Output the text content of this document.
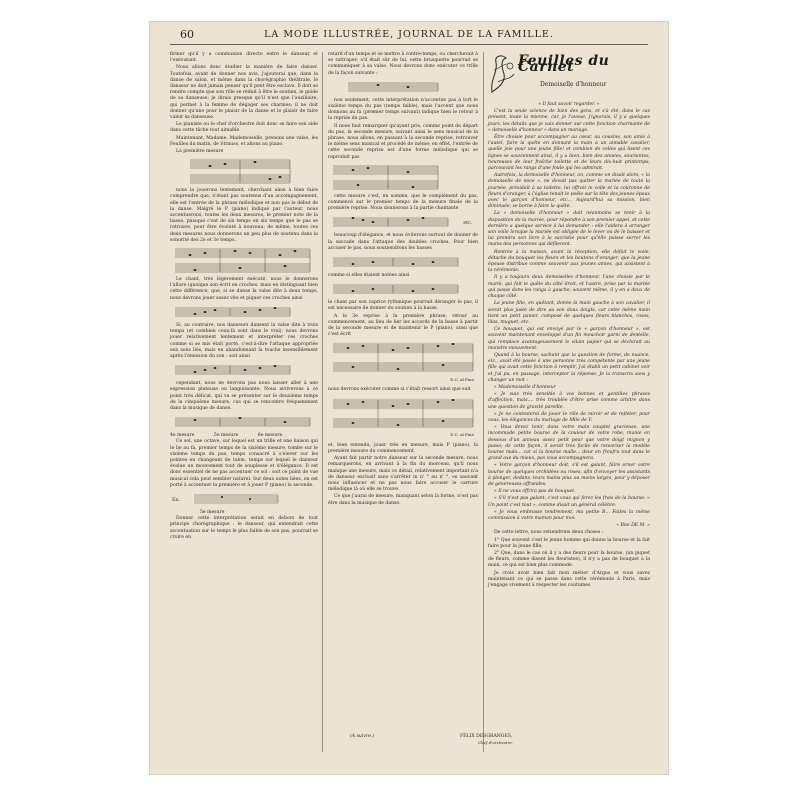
60	LA MODE ILLUSTRÉE, JOURNAL DE LA FAMILLE.

firmer qu'il y a communion directe entre le danseur et l'exécutant.

Nous allons donc étudier la manière de faire danser. Toutefois, avant de donner nos avis, j'ajouterai que, dans la danse de salon, et même dans la chorégraphie théâtrale, le danseur ne doit jamais penser qu'il peut être esclave. Il doit se rendre compte que son rôle se réduit à être le soutien, le guide de sa danseuse; je dirais presque qu'il n'est que l'auxiliaire, qui permet à la femme de dégager ses charmes; il ne doit donner qu'une pour le plaisir de la danse et le plaisir de faire valoir sa danseuse.

Le pianiste ou le chef d'orchestre doit donc se faire son aide dans cette tâche tout aimable.

Maintenant, Madame, Mademoiselle, prenons une valse, les Feuilles du matin, de Strauss, et allons au piano.

La première mesure

nous la jouerons lentement, cherchant ainsi à bien faire comprendre que, n'étant pas soutenus d'un accompagnement, elle est l'entrée de la phrase mélodique et non pas le début de la danse. Malgré le P (piano) indiqué par l'auteur, nous accentuerons, toutes les deux mesures, le premier note de la basse, puisque c'est de six temps en six temps que le pas se retrouve, pour être évoluté à nouveau; de même, toutes ces deux mesures nous donnerons un peu plus de soutenu dans la sonorité des 2e et 3e temps.

Le chant, très légèrement exécuté, nous le donnerons l'allure (quoique son écrit en croches, mais en distinguant bien cette différence, que, si se danse la valse dite à deux temps, nous devrons jouer assez vite et piquer ces croches ainsi

Si, au contraire, nos danseurs dansent la valse dite à trois temps (et combien ceux-là sont dans le vrai), nous devrons jouer relativement lentement et interpréter ces croches comme si se mis était porté, c'est-à-dire l'attaque appropriée aux sons liés, mais en abandonnant la touche insensiblement après l'émission du son : soit ainsi

cependant, nous ne devrons pas nous laisser aller à une expression plateuse ou languissante. Nous arriverons à ce point très délicat, qui va se présenter sur le deuxième temps de la cinquième mesure, cas qui se rencontre fréquemment dans la musique de danse.

4e mesure	5e mesure	6e mesure

Ce sol, une octave, sur lequel est un trille et une liaison qui le lie au fa, premier temps de la sixième mesure, tombe sur le sixième temps du pas, temps consacré à s'élever sur les pointes en changeant de talon, temps sur lequel le danseur évolue un mouvement tout de souplesse et d'élégance. Il est donc essentiel de ne pas accentuer ce sol : soit ce point de vue musical cela peut sembler naturel. Sur deux notes liées, on est porté à accentuer la première et à jouer P (piano) la seconde.

Ex.
5e mesure

Donner cette interprétation serait en dehors de tout principe chorégraphique : le danseur, qui entendrait cette accentuation sur le temps le plus faible de son pas, pourrait se croire en

retard d'un temps et se mettre à contre-temps, ou chercherait à se rattraper; s'il était sûr de lui, cette brusquerie pourrait se communiquer à sa valse. Nous devrons donc exécuter ce trille de la façon suivante :

non seulement, cette interprétation n'accentue pas à tort le sixième temps du pas (temps faible), mais l'accent que nous donnons au fa (premier temps suivant) indique bien le retour à la reprise du pas.

Il nous faut remarquer qu'ayant pris, comme point de départ du pas, la seconde mesure, suivant ainsi le sens musical de la phrase, nous allons, en passant à la seconde reprise, retrouver le même sens musical et procédé de même; en effet, l'entrée de cette seconde reprise est d'une forme mélodique qui se reproduit pas

cette mesure c'est, en somme, que le complément du pas, commencé sur le premier temps de la mesure finale de la première reprise. Nous donnerons à la partie chantante

etc.

beaucoup d'élégance, et nous éviterons surtout de donner de la saccade dans l'attaque des doubles croches. Pour bien accuser le pas, nous soutiendrons les basses

comme si elles étaient notées ainsi

le chant par son caprice rythmique pourrait déranger le pas, il est nécessaire de donner du soutien à la basse.

A la 3e reprise à la première phrase, retour au commencement, au lieu de lier les accords de la basse à partir de la seconde mesure et de maintenir le P (piano), ainsi que c'est écrit

D.C. al Fine

nous devrons exécuter comme si c'était ressort ainsi que suit

D.C. al Fine

et, bien entendu, jouer très en mesure, mais P (piano), la première mesure du commencement.

Ayant fait partir notre danseur sur la seconde mesure, nous remarquerons, en arrivant à la fin du morceau, qu'il nous manque une mesure, mais ce détail, relativement important n'a de danseur exclusif sans s'arrêter in n' ° au n' °, se sauvant nous influencer et ne pas nous faire accuser le carrure mélodique là où elle se trouve.

Ce que j'aurai de mesure, manquant selon la forme, n'est pas être dans la musique de danse.

Feuilles du Carnet
Demoiselle d'honneur

« Il faut savoir regarder. »

C'est la seule science de bien des gens, et s'à été, dans le cas présent, toute la mienne, car, je l'avoue, j'ignorais, il y a quelques jours, les détails que je vais donner sur cette fonction charmante de « demoiselle d'honneur » dans un mariage.

Être choisie pour accompagner au cœur, au cousinе, son amie à l'autel, faire la quête en donnant la main à un aimable cavalier, quelle joie pour une jeune fille! et combien de celles qui lisent ces lignes se souviennent ainsi, il y a bien, bien des années, souriantes, heureuses de leur fraîche toilette et de leurs dix-huit printemps, parcourant les rangs d'une foule qui les admirait.

Autrefois, la demoiselle d'honneur, on, comme on disait alors, « la demoiselle de noce », ne devait pas quitter la mariée de toute la journée, présidait à sa toilette, lui offrait le voile et la couronne de fleurs d'oranger, à l'église tenait le poêle sur la tête des jeunes époux avec le garçon d'honneur, etc... Aujourd'hui sa mission, bien diminuée, se borne à faire la quête.

La « demoiselle d'honneur » doit néanmoins se tenir à la disposition de la mariée, pour répondre à son premier appel, et cette dernière a quelque service à lui demander : elle l'aidera à arranger son voile lorsque la mariée est obligée de le lever ou de le baisser et lui prendra son livre à la sacristie pour qu'elle puisse serrer les mains des personnes qui défileront.

Rentrée à la maison, avant la réception, elle défait le voile, détache du bouquet les fleurs et les boutons d'oranger, que la jeune épouse distribue comme souvenir aux jeunes amies, qui assistent à la cérémonie.

Il y a toujours deux demoiselles d'honneur, l'une choisie par le marié, qui fait le quête du côté droit, et l'autre, prise par la mariée qui passe dans les rangs à gauche; souvent même, il y en a deux de chaque côté.

La jeune fille, en quêtant, donne la main gauche à son cavalier, il serait plus juste de dire au son doux doigts, car cette même main tient un petit panier, composé de quelques fleurs blanches, roses, lilas, muguet, etc.

Ce bouquet, qui est envoyé par le « garçon d'honneur », est souvent maintenant enveloppé d'un fin mouchoir garni de dentelle, qui remplace avantageusement le vilain papier qui se déchirait au moindre mouvement.

Quand à la bourse, sachant que la question de forme, de nuance, etc., avait été posée à une personne très compétente par une jeune fille qui avait cette fonction à remplir, j'ai établi un petit cabinet voir et j'ai pu, en passage, intercepter la réponse. Je la transcris sans y changer un mot :

« Mademoiselle d'honneur

« Je suis très sensible à vos bonnes et gentilles phrases d'affection, mais.... très troublée d'être prise comme arbitre dans une question de gravité pareille.

« Je ne contesterai de jouer le rôle de miroir et de refléter, pour vous, les élégances du mariage de Mlle de V.

« Vous devez tenir, dans votre main couplet gracieuse, une incommode petite bourse de la couleur de votre robe, munie en dessous d'un anneau assez petit pour que votre doigt mignon y passe; de cette façon, il serait très facile de renverser la modèle bourse malo... car si la bourse malle... deur en froufru tout dans le grand axe du mieux, pas vous accompagnera.

« Votre garçon d'honneur doit, s'il est galant, faire orner votre bourse de quelques orchidées ou roses, afin d'envoyer les assistants à plonger, dedans, leurs mains plus ou moins larges, pour y déposer de généreuses offrandes.

« Il ne vous offrira pas de bouquet.

« S'il n'est pas galant, c'est vous qui ferez les frais de la bourse. « Un point c'est tout », comme disait un général célèbre.

« Je vous embrasse tendrement, ma petite B... Faites la même commission à votre maman pour moi.

« Bne DE M. »

De cette lettre, nous retiendrons deux choses :

1° Que souvent c'est le jeune homme qui donne la bourse et la fait faire pour la jeune fille;

2° Que, dans le cas où il y a des fleurs pour la bourse, (un piquet de fleurs, comme disent les fleuristes), il n'y a pas de bouquet à la main, ce qui est bien plus commode.

Je crois avoir bien fait mon métier d'Argus et vous savez maintenant ce qui se passe dans cette cérémonie à Paris, mais j'engage vivement à respecter les coutumes

(A suivre.)	FÉLIX DESGRANGES,
Chef d'orchestre.
